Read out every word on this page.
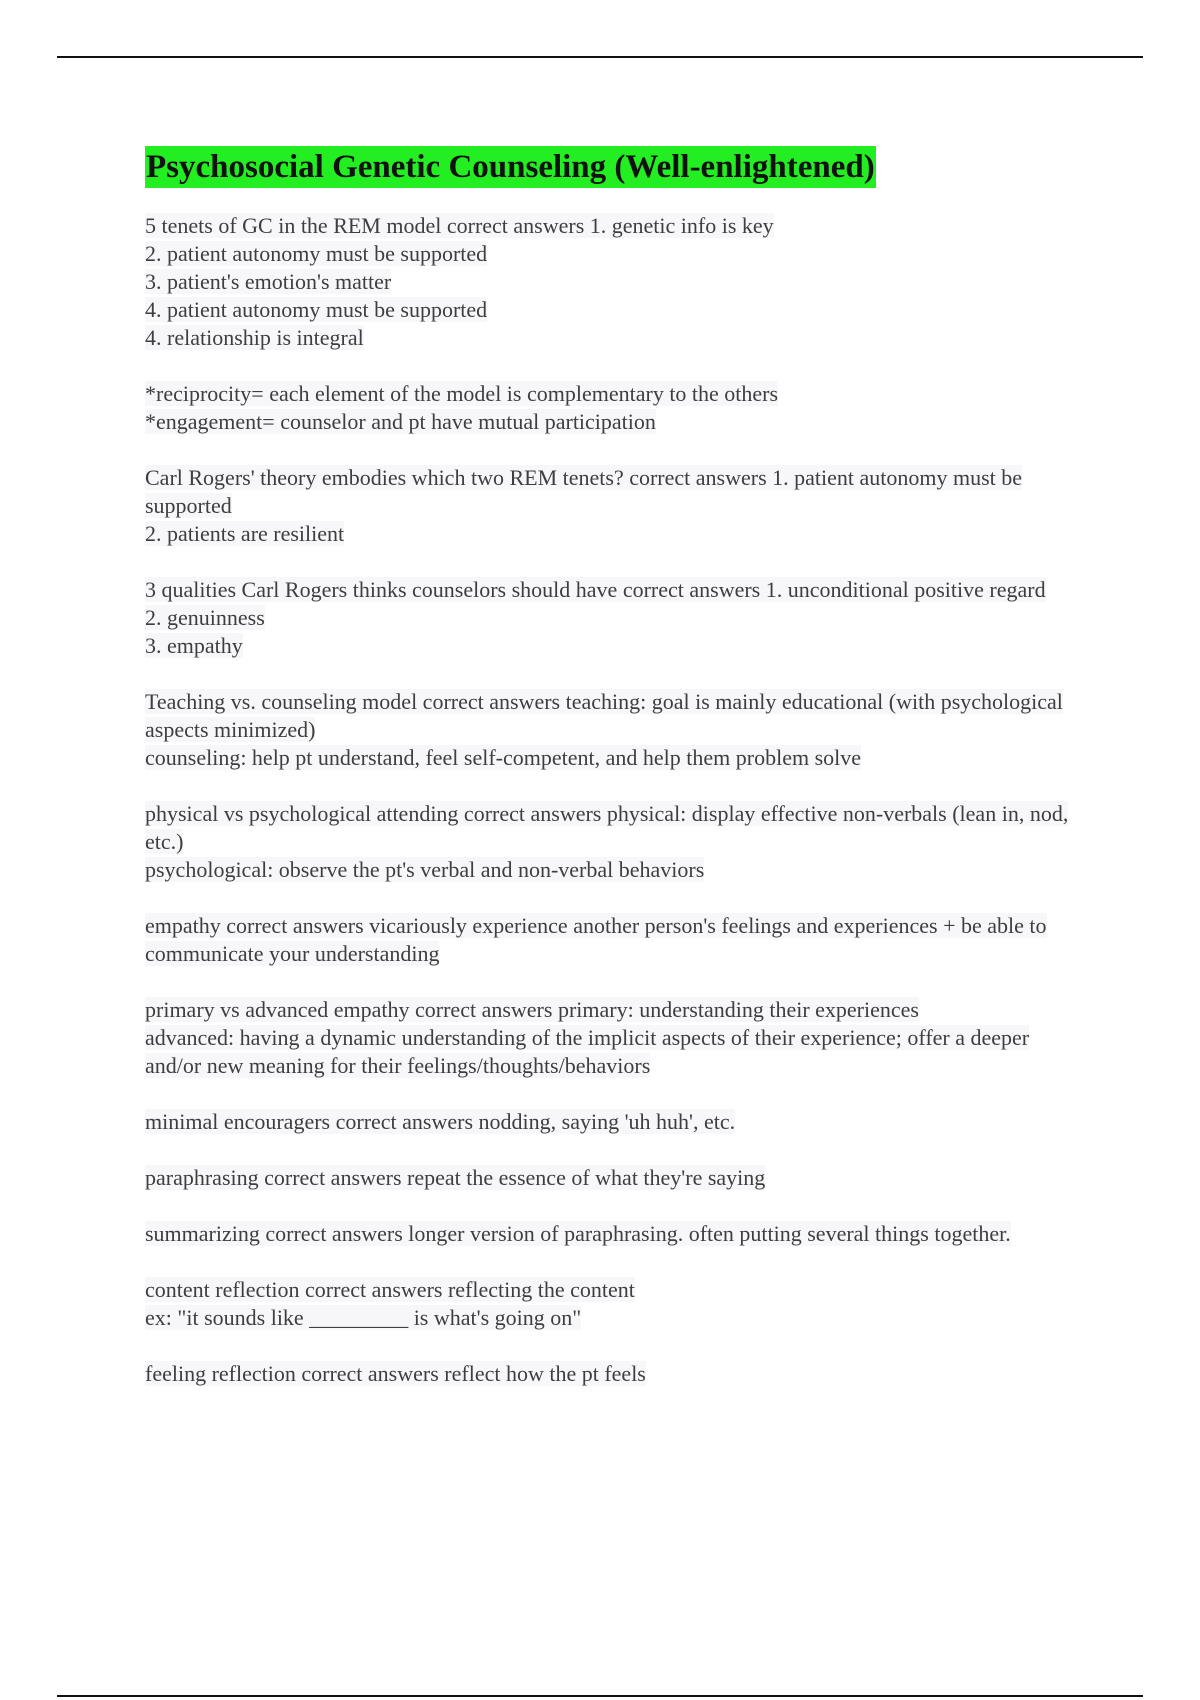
Psychosocial Genetic Counseling (Well-enlightened)
5 tenets of GC in the REM model correct answers 1. genetic info is key
2. patient autonomy must be supported
3. patient's emotion's matter
4. patient autonomy must be supported
4. relationship is integral
*reciprocity= each element of the model is complementary to the others
*engagement= counselor and pt have mutual participation
Carl Rogers' theory embodies which two REM tenets? correct answers 1. patient autonomy must be supported
2. patients are resilient
3 qualities Carl Rogers thinks counselors should have correct answers 1. unconditional positive regard
2. genuinness
3. empathy
Teaching vs. counseling model correct answers teaching: goal is mainly educational (with psychological aspects minimized)
counseling: help pt understand, feel self-competent, and help them problem solve
physical vs psychological attending correct answers physical: display effective non-verbals (lean in, nod, etc.)
psychological: observe the pt's verbal and non-verbal behaviors
empathy correct answers vicariously experience another person's feelings and experiences + be able to communicate your understanding
primary vs advanced empathy correct answers primary: understanding their experiences
advanced: having a dynamic understanding of the implicit aspects of their experience; offer a deeper and/or new meaning for their feelings/thoughts/behaviors
minimal encouragers correct answers nodding, saying 'uh huh', etc.
paraphrasing correct answers repeat the essence of what they're saying
summarizing correct answers longer version of paraphrasing. often putting several things together.
content reflection correct answers reflecting the content
ex: "it sounds like _________ is what's going on"
feeling reflection correct answers reflect how the pt feels
